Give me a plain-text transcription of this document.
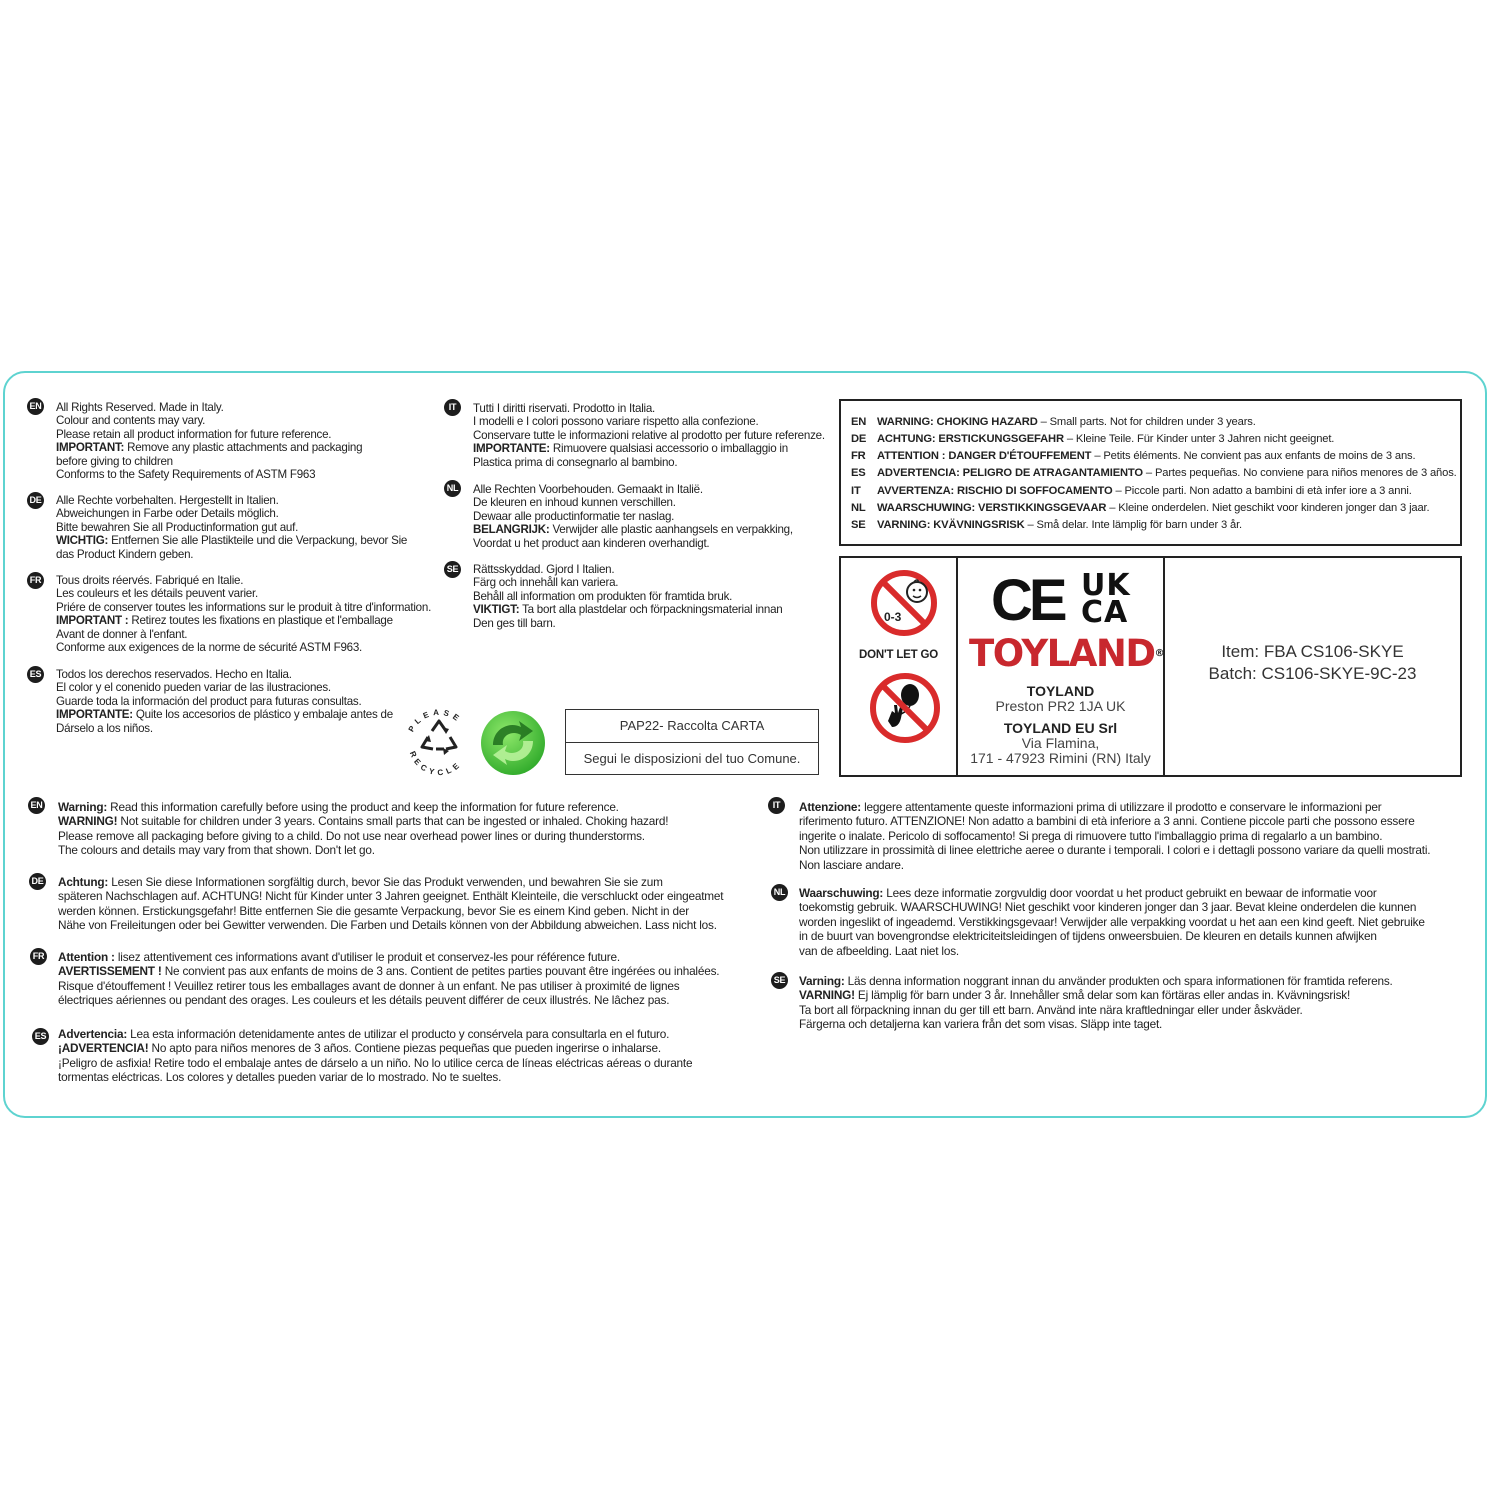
EN All Rights Reserved. Made in Italy.
Colour and contents may vary.
Please retain all product information for future reference.
IMPORTANT: Remove any plastic attachments and packaging
before giving to children
Conforms to the Safety Requirements of ASTM F963
DE Alle Rechte vorbehalten. Hergestellt in Italien.
Abweichungen in Farbe oder Details möglich.
Bitte bewahren Sie all Productinformation gut auf.
WICHTIG: Entfernen Sie alle Plastikteile und die Verpackung, bevor Sie
das Product Kindern geben.
FR Tous droits réervés. Fabriqué en Italie.
Les couleurs et les détails peuvent varier.
Priére de conserver toutes les informations sur le produit à titre d'information.
IMPORTANT : Retirez toutes les fixations en plastique et l'emballage
Avant de donner à l'enfant.
Conforme aux exigences de la norme de sécurité ASTM F963.
ES Todos los derechos reservados. Hecho en Italia.
El color y el conenido pueden variar de las ilustraciones.
Guarde toda la información del product para futuras consultas.
IMPORTANTE: Quite los accesorios de plástico y embalaje antes de
Dárselo a los niños.
IT	Tutti I diritti riservati. Prodotto in Italia.
I modelli e I colori possono variare rispetto alla confezione.
Conservare tutte le informazioni relative al prodotto per future referenze.
IMPORTANTE: Rimuovere qualsiasi accessorio o imballaggio in
Plastica prima di consegnarlo al bambino.
NL Alle Rechten Voorbehouden. Gemaakt in Italië.
De kleuren en inhoud kunnen verschillen.
Dewaar alle productinformatie ter naslag.
BELANGRIJK: Verwijder alle plastic aanhangsels en verpakking,
Voordat u het product aan kinderen overhandigt.
SE Rättsskyddad. Gjord I Italien.
Färg och innehåll kan variera.
Behåll all information om produkten för framtida bruk.
VIKTIGT: Ta bort alla plastdelar och förpackningsmaterial innan
Den ges till barn.
PLEASE
RECYCLE
PAP22- Raccolta CARTA
Segui le disposizioni del tuo Comune.
EN WARNING: CHOKING HAZARD – Small parts. Not for children under 3 years.
DE ACHTUNG: ERSTICKUNGSGEFAHR – Kleine Teile. Für Kinder unter 3 Jahren nicht geeignet.
FR ATTENTION : DANGER D'ÉTOUFFEMENT – Petits éléments. Ne convient pas aux enfants de moins de 3 ans.
ES ADVERTENCIA: PELIGRO DE ATRAGANTAMIENTO – Partes pequeñas. No conviene para niños menores de 3 años.
IT AVVERTENZA: RISCHIO DI SOFFOCAMENTO – Piccole parti. Non adatto a bambini di età infer iore a 3 anni.
NL WAARSCHUWING: VERSTIKKINGSGEVAAR – Kleine onderdelen. Niet geschikt voor kinderen jonger dan 3 jaar.
SE VARNING: KVÄVNINGSRISK – Små delar. Inte lämplig för barn under 3 år.
0-3
DON'T LET GO
CE UK
CA
TOYLAND®
TOYLAND
Preston PR2 1JA UK
TOYLAND EU Srl
Via Flamina,
171 - 47923 Rimini (RN) Italy
Item: FBA CS106-SKYE
Batch: CS106-SKYE-9C-23
EN Warning: Read this information carefully before using the product and keep the information for future reference.
WARNING! Not suitable for children under 3 years. Contains small parts that can be ingested or inhaled. Choking hazard!
Please remove all packaging before giving to a child. Do not use near overhead power lines or during thunderstorms.
The colours and details may vary from that shown. Don't let go.
DE Achtung: Lesen Sie diese Informationen sorgfältig durch, bevor Sie das Produkt verwenden, und bewahren Sie sie zum
späteren Nachschlagen auf. ACHTUNG! Nicht für Kinder unter 3 Jahren geeignet. Enthält Kleinteile, die verschluckt oder eingeatmet
werden können. Erstickungsgefahr! Bitte entfernen Sie die gesamte Verpackung, bevor Sie es einem Kind geben. Nicht in der
Nähe von Freileitungen oder bei Gewitter verwenden. Die Farben und Details können von der Abbildung abweichen. Lass nicht los.
FR Attention : lisez attentivement ces informations avant d'utiliser le produit et conservez-les pour référence future.
AVERTISSEMENT ! Ne convient pas aux enfants de moins de 3 ans. Contient de petites parties pouvant être ingérées ou inhalées.
Risque d'étouffement ! Veuillez retirer tous les emballages avant de donner à un enfant. Ne pas utiliser à proximité de lignes
électriques aériennes ou pendant des orages. Les couleurs et les détails peuvent différer de ceux illustrés. Ne lâchez pas.
ES Advertencia: Lea esta información detenidamente antes de utilizar el producto y consérvela para consultarla en el futuro.
¡ADVERTENCIA! No apto para niños menores de 3 años. Contiene piezas pequeñas que pueden ingerirse o inhalarse.
¡Peligro de asfixia! Retire todo el embalaje antes de dárselo a un niño. No lo utilice cerca de líneas eléctricas aéreas o durante
tormentas eléctricas. Los colores y detalles pueden variar de lo mostrado. No te sueltes.
IT	Attenzione: leggere attentamente queste informazioni prima di utilizzare il prodotto e conservare le informazioni per
riferimento futuro. ATTENZIONE! Non adatto a bambini di età inferiore a 3 anni. Contiene piccole parti che possono essere
ingerite o inalate. Pericolo di soffocamento! Si prega di rimuovere tutto l'imballaggio prima di regalarlo a un bambino.
Non utilizzare in prossimità di linee elettriche aeree o durante i temporali. I colori e i dettagli possono variare da quelli mostrati.
Non lasciare andare.
NL Waarschuwing: Lees deze informatie zorgvuldig door voordat u het product gebruikt en bewaar de informatie voor
toekomstig gebruik. WAARSCHUWING! Niet geschikt voor kinderen jonger dan 3 jaar. Bevat kleine onderdelen die kunnen
worden ingeslikt of ingeademd. Verstikkingsgevaar! Verwijder alle verpakking voordat u het aan een kind geeft. Niet gebruike
in de buurt van bovengrondse elektriciteitsleidingen of tijdens onweersbuien. De kleuren en details kunnen afwijken
van de afbeelding. Laat niet los.
SE Varning: Läs denna information noggrant innan du använder produkten och spara informationen för framtida referens.
VARNING! Ej lämplig för barn under 3 år. Innehåller små delar som kan förtäras eller andas in. Kvävningsrisk!
Ta bort all förpackning innan du ger till ett barn. Använd inte nära kraftledningar eller under åskväder.
Färgerna och detaljerna kan variera från det som visas. Släpp inte taget.
